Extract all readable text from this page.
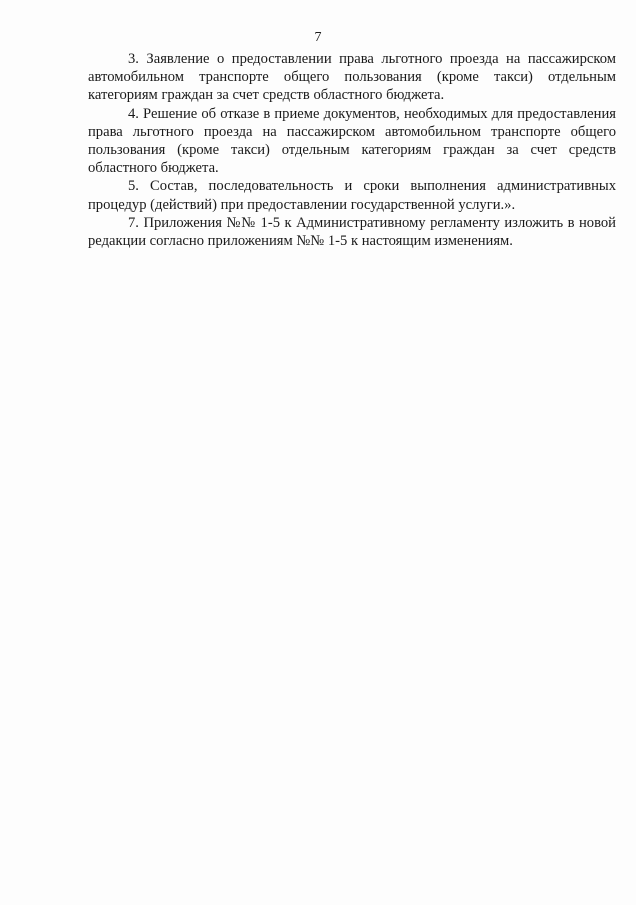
7

3. Заявление о предоставлении права льготного проезда на пассажирском автомобильном транспорте общего пользования (кроме такси) отдельным категориям граждан за счет средств областного бюджета.

4. Решение об отказе в приеме документов, необходимых для предоставления права льготного проезда на пассажирском автомобильном транспорте общего пользования (кроме такси) отдельным категориям граждан за счет средств областного бюджета.

5. Состав, последовательность и сроки выполнения административных процедур (действий) при предоставлении государственной услуги.».

7. Приложения №№ 1-5 к Административному регламенту изложить в новой редакции согласно приложениям №№ 1-5 к настоящим изменениям.
